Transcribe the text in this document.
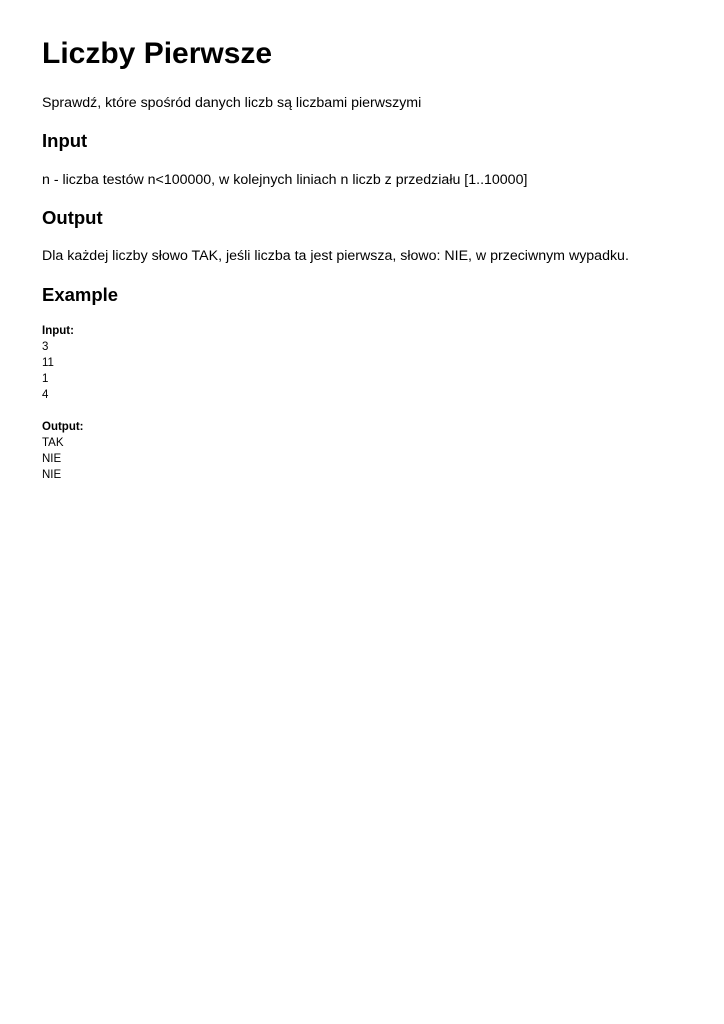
Liczby Pierwsze

Sprawdź, które spośród danych liczb są liczbami pierwszymi

Input

n - liczba testów n<100000, w kolejnych liniach n liczb z przedziału [1..10000]

Output

Dla każdej liczby słowo TAK, jeśli liczba ta jest pierwsza, słowo: NIE, w przeciwnym wypadku.

Example
Input:
3
11
1
4
Output:
TAK
NIE
NIE
